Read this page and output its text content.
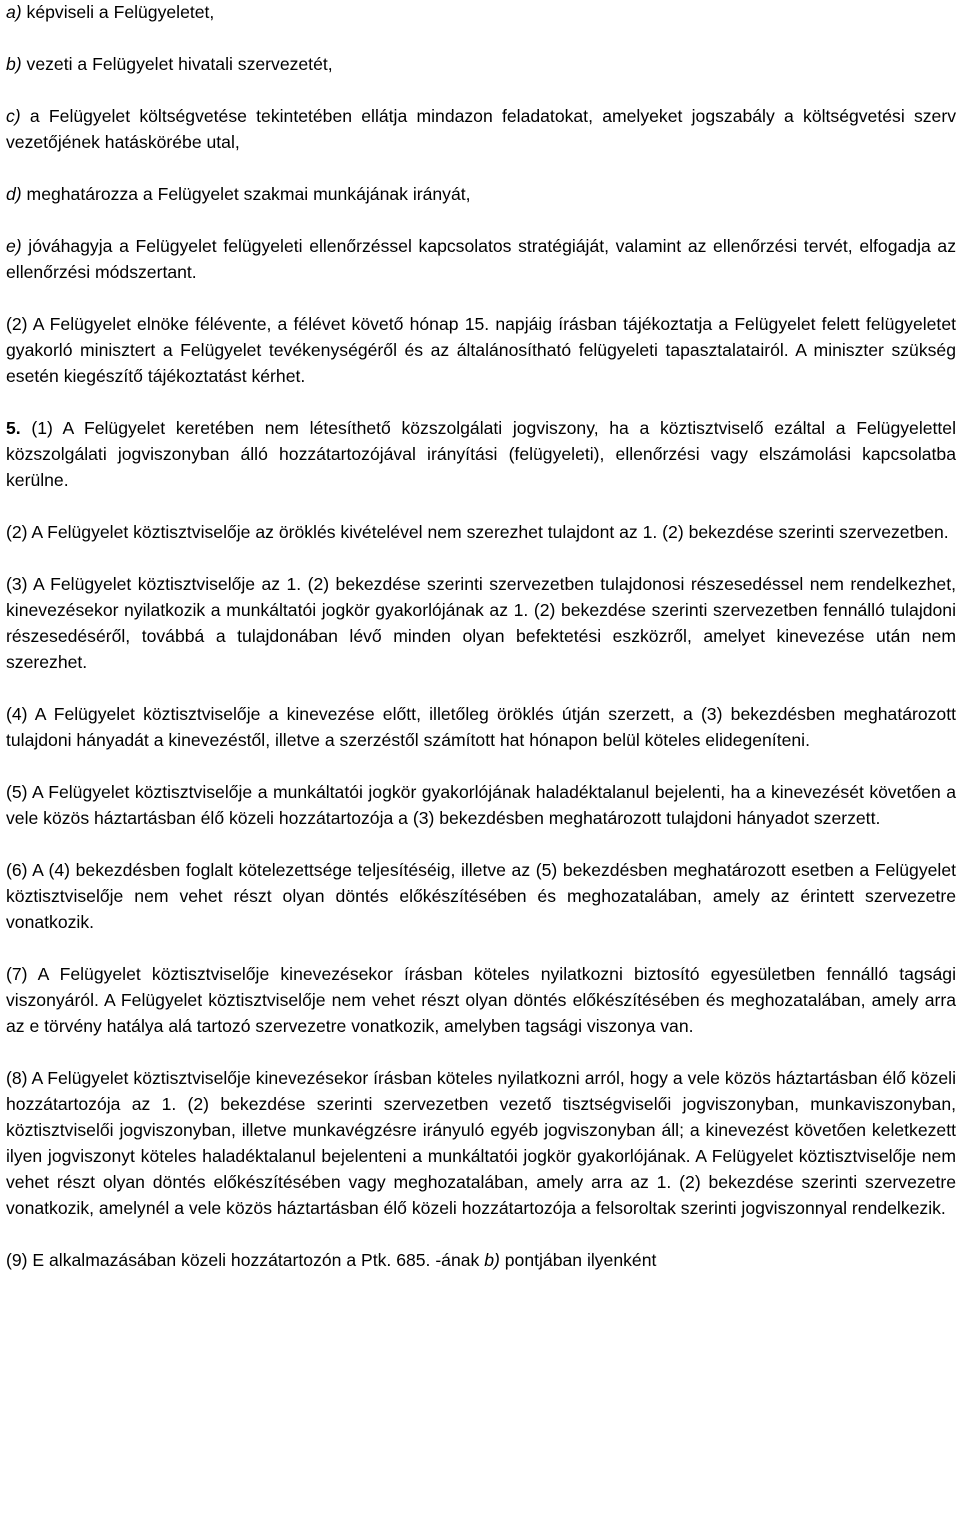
a) képviseli a Felügyeletet,

b) vezeti a Felügyelet hivatali szervezetét,

c) a Felügyelet költségvetése tekintetében ellátja mindazon feladatokat, amelyeket jogszabály a költségvetési szerv vezetőjének hatáskörébe utal,

d) meghatározza a Felügyelet szakmai munkájának irányát,

e) jóváhagyja a Felügyelet felügyeleti ellenőrzéssel kapcsolatos stratégiáját, valamint az ellenőrzési tervét, elfogadja az ellenőrzési módszertant.

(2) A Felügyelet elnöke félévente, a félévet követő hónap 15. napjáig írásban tájékoztatja a Felügyelet felett felügyeletet gyakorló minisztert a Felügyelet tevékenységéről és az általánosítható felügyeleti tapasztalatairól. A miniszter szükség esetén kiegészítő tájékoztatást kérhet.

5. (1) A Felügyelet keretében nem létesíthető közszolgálati jogviszony, ha a köztisztviselő ezáltal a Felügyelettel közszolgálati jogviszonyban álló hozzátartozójával irányítási (felügyeleti), ellenőrzési vagy elszámolási kapcsolatba kerülne.

(2) A Felügyelet köztisztviselője az öröklés kivételével nem szerezhet tulajdont az 1. (2) bekezdése szerinti szervezetben.

(3) A Felügyelet köztisztviselője az 1. (2) bekezdése szerinti szervezetben tulajdonosi részesedéssel nem rendelkezhet, kinevezésekor nyilatkozik a munkáltatói jogkör gyakorlójának az 1. (2) bekezdése szerinti szervezetben fennálló tulajdoni részesedéséről, továbbá a tulajdonában lévő minden olyan befektetési eszközről, amelyet kinevezése után nem szerezhet.

(4) A Felügyelet köztisztviselője a kinevezése előtt, illetőleg öröklés útján szerzett, a (3) bekezdésben meghatározott tulajdoni hányadát a kinevezéstől, illetve a szerzéstől számított hat hónapon belül köteles elidegeníteni.

(5) A Felügyelet köztisztviselője a munkáltatói jogkör gyakorlójának haladéktalanul bejelenti, ha a kinevezését követően a vele közös háztartásban élő közeli hozzátartozója a (3) bekezdésben meghatározott tulajdoni hányadot szerzett.

(6) A (4) bekezdésben foglalt kötelezettsége teljesítéséig, illetve az (5) bekezdésben meghatározott esetben a Felügyelet köztisztviselője nem vehet részt olyan döntés előkészítésében és meghozatalában, amely az érintett szervezetre vonatkozik.

(7) A Felügyelet köztisztviselője kinevezésekor írásban köteles nyilatkozni biztosító egyesületben fennálló tagsági viszonyáról. A Felügyelet köztisztviselője nem vehet részt olyan döntés előkészítésében és meghozatalában, amely arra az e törvény hatálya alá tartozó szervezetre vonatkozik, amelyben tagsági viszonya van.

(8) A Felügyelet köztisztviselője kinevezésekor írásban köteles nyilatkozni arról, hogy a vele közös háztartásban élő közeli hozzátartozója az 1. (2) bekezdése szerinti szervezetben vezető tisztségviselői jogviszonyban, munkaviszonyban, köztisztviselői jogviszonyban, illetve munkavégzésre irányuló egyéb jogviszonyban áll; a kinevezést követően keletkezett ilyen jogviszonyt köteles haladéktalanul bejelenteni a munkáltatói jogkör gyakorlójának. A Felügyelet köztisztviselője nem vehet részt olyan döntés előkészítésében vagy meghozatalában, amely arra az 1. (2) bekezdése szerinti szervezetre vonatkozik, amelynél a vele közös háztartásban élő közeli hozzátartozója a felsoroltak szerinti jogviszonnyal rendelkezik.

(9) E alkalmazásában közeli hozzátartozón a Ptk. 685. -ának b) pontjában ilyenként
